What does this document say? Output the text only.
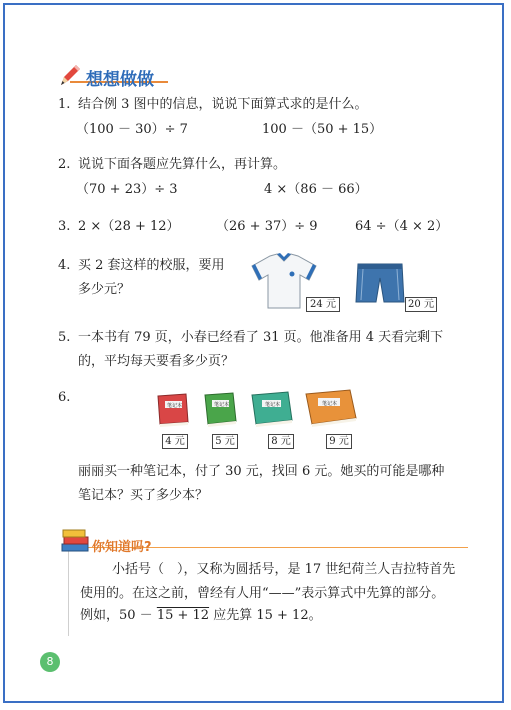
想想做做
1. 结合例 3 图中的信息，说说下面算式求的是什么。
（100 － 30）÷ 7	100 －（50 + 15）
2. 说说下面各题应先算什么，再计算。
（70 + 23）÷ 3	4 ×（86 － 66）
3. 2 ×（28 + 12）	（26 + 37）÷ 9	64 ÷（4 × 2）
4. 买 2 套这样的校服，要用
多少元？
24 元	20 元
5. 一本书有 79 页，小春已经看了 31 页。他准备用 4 天看完剩下
的，平均每天要看多少页？
6.
笔记本
4 元
笔记本
5 元
笔记本
8 元
笔记本
9 元
丽丽买一种笔记本，付了 30 元，找回 6 元。她买的可能是哪种
笔记本？买了多少本？
你知道吗?
小括号（　），又称为圆括号，是 17 世纪荷兰人吉拉特首先
使用的。在这之前，曾经有人用“——”表示算式中先算的部分。
例如，50 － 15 + 12 应先算 15 + 12。
8
